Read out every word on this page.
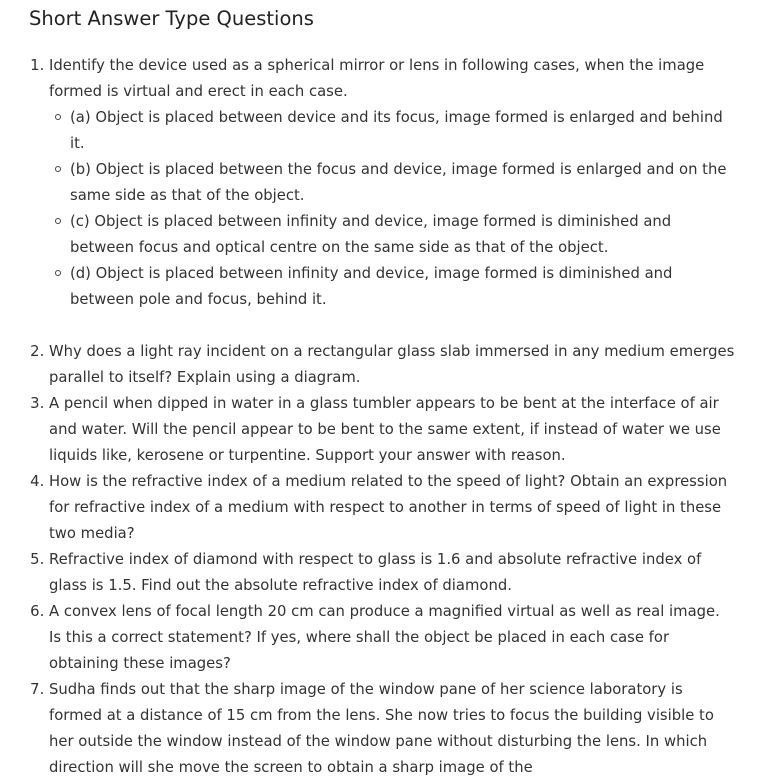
Short Answer Type Questions
1. Identify the device used as a spherical mirror or lens in following cases, when the image formed is virtual and erect in each case.
(a) Object is placed between device and its focus, image formed is enlarged and behind it.
(b) Object is placed between the focus and device, image formed is enlarged and on the same side as that of the object.
(c) Object is placed between infinity and device, image formed is diminished and between focus and optical centre on the same side as that of the object.
(d) Object is placed between infinity and device, image formed is diminished and between pole and focus, behind it.
2. Why does a light ray incident on a rectangular glass slab immersed in any medium emerges parallel to itself? Explain using a diagram.
3. A pencil when dipped in water in a glass tumbler appears to be bent at the interface of air and water. Will the pencil appear to be bent to the same extent, if instead of water we use liquids like, kerosene or turpentine. Support your answer with reason.
4. How is the refractive index of a medium related to the speed of light? Obtain an expression for refractive index of a medium with respect to another in terms of speed of light in these two media?
5. Refractive index of diamond with respect to glass is 1.6 and absolute refractive index of glass is 1.5. Find out the absolute refractive index of diamond.
6. A convex lens of focal length 20 cm can produce a magnified virtual as well as real image. Is this a correct statement? If yes, where shall the object be placed in each case for obtaining these images?
7. Sudha finds out that the sharp image of the window pane of her science laboratory is formed at a distance of 15 cm from the lens. She now tries to focus the building visible to her outside the window instead of the window pane without disturbing the lens. In which direction will she move the screen to obtain a sharp image of the
